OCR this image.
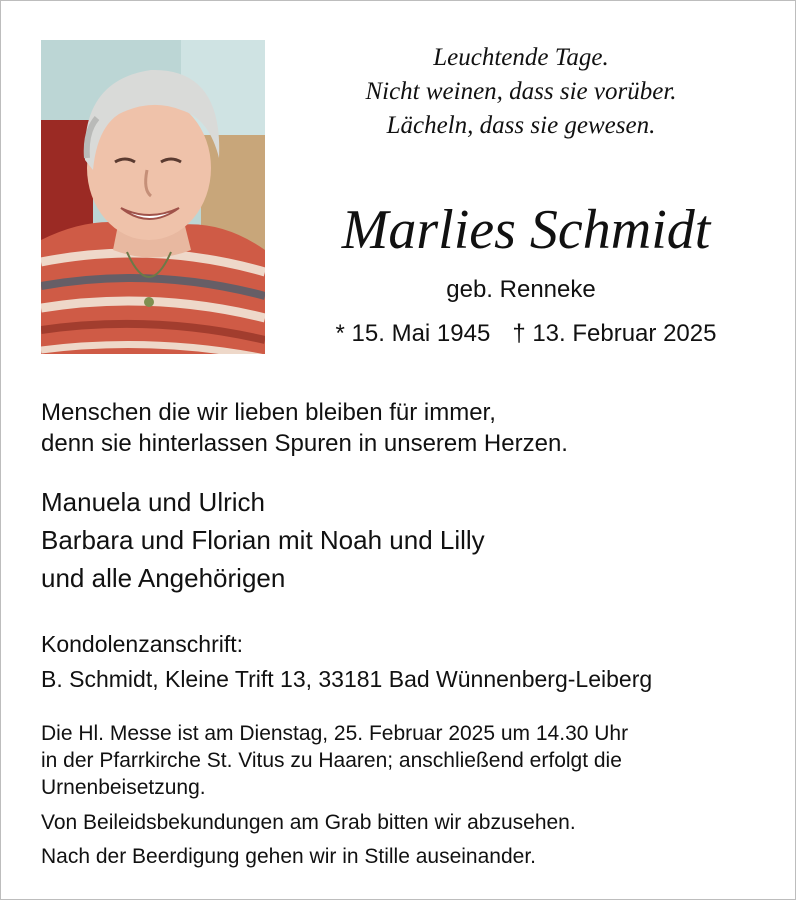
Leuchtende Tage.
Nicht weinen, dass sie vorüber.
Lächeln, dass sie gewesen.
Marlies Schmidt
geb. Renneke
* 15. Mai 1945 † 13. Februar 2025
Menschen die wir lieben bleiben für immer,
denn sie hinterlassen Spuren in unserem Herzen.
Manuela und Ulrich
Barbara und Florian mit Noah und Lilly
und alle Angehörigen
Kondolenzanschrift:
B. Schmidt, Kleine Trift 13, 33181 Bad Wünnenberg-Leiberg

Die Hl. Messe ist am Dienstag, 25. Februar 2025 um 14.30 Uhr
in der Pfarrkirche St. Vitus zu Haaren; anschließend erfolgt die
Urnenbeisetzung.

Von Beileidsbekundungen am Grab bitten wir abzusehen.

Nach der Beerdigung gehen wir in Stille auseinander.
